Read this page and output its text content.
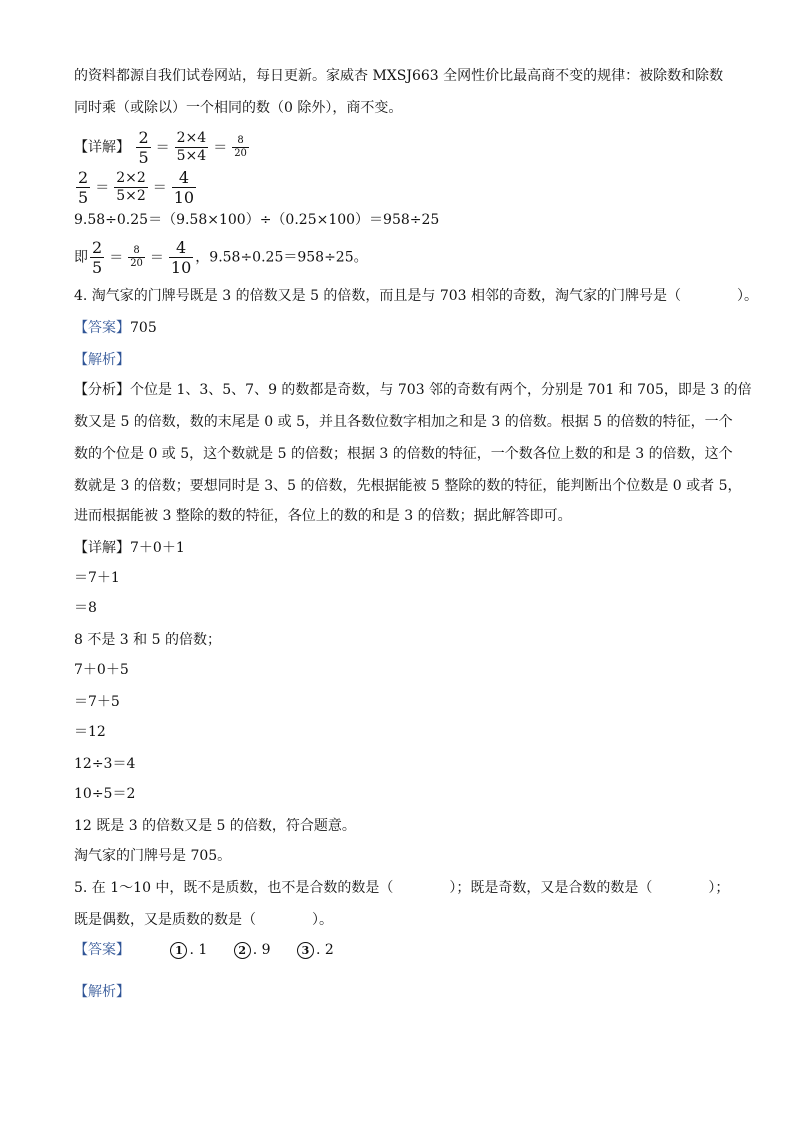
的资料都源自我们试卷网站，每日更新。家威杏 MXSJ663 全网性价比最高商不变的规律：被除数和除数
同时乘（或除以）一个相同的数（0 除外），商不变。
【详解】 $\frac{2}{5} = \frac{2\times 4}{5\times 4} = \frac{8}{20}$
$\frac{2}{5} = \frac{2\times 2}{5\times 2} = \frac{4}{10}$
9.58÷0.25＝（9.58×100）÷（0.25×100）＝958÷25
即 $\frac{2}{5} = \frac{8}{20} = \frac{4}{10}$ ，9.58÷0.25＝958÷25。
4. 淘气家的门牌号既是 3 的倍数又是 5 的倍数，而且是与 703 相邻的奇数，淘气家的门牌号是（　　　　）。
【答案】705
【解析】
【分析】个位是 1、3、5、7、9 的数都是奇数，与 703 邻的奇数有两个，分别是 701 和 705，即是 3 的倍
数又是 5 的倍数，数的末尾是 0 或 5，并且各数位数字相加之和是 3 的倍数。根据 5 的倍数的特征，一个
数的个位是 0 或 5，这个数就是 5 的倍数；根据 3 的倍数的特征，一个数各位上数的和是 3 的倍数，这个
数就是 3 的倍数；要想同时是 3、5 的倍数，先根据能被 5 整除的数的特征，能判断出个位数是 0 或者 5，
进而根据能被 3 整除的数的特征，各位上的数的和是 3 的倍数；据此解答即可。
【详解】7＋0＋1
＝7＋1
＝8
8 不是 3 和 5 的倍数；
7＋0＋5
＝7＋5
＝12
12÷3＝4
10÷5＝2
12 既是 3 的倍数又是 5 的倍数，符合题意。
淘气家的门牌号是 705。
5. 在 1～10 中，既不是质数，也不是合数的数是（　　　　）；既是奇数，又是合数的数是（　　　　）；
既是偶数，又是质数的数是（　　　　）。
【答案】	1 . 1	2 . 9	3 . 2
【解析】
